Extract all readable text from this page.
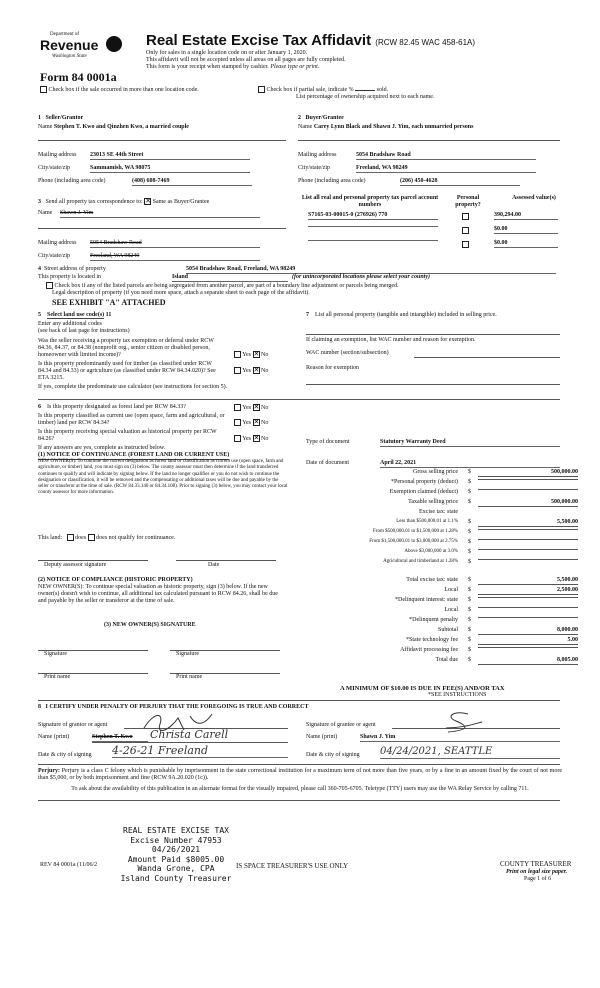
Department of
Revenue
Washington State
Real Estate Excise Tax Affidavit (RCW 82.45 WAC 458-61A)
Only for sales in a single location code on or after January 1, 2020.
This affidavit will not be accepted unless all areas on all pages are fully completed.
This form is your receipt when stamped by cashier. Please type or print.
Form 84 0001a
Check box if the sale occurred in more than one location code.	Check box if partial sale, indicate %	sold.
List percentage of ownership acquired next to each name.
1 Seller/Grantor
Name Stephen T. Kwo and Qinzhen Kwo, a married couple
Mailing address 23013 SE 44th Street
City/state/zip	Sammamish, WA 98075
Phone (including area code)	(408) 608-7469
2 Buyer/Grantee
Name Carey Lynn Black and Shawn J. Yim, each unmarried persons
Mailing address	5054 Bradshaw Road
City/state/zip	Freeland, WA 98249
Phone (including area code)	(206) 450-4628
3 Send all property tax correspondence to: ✕ Same as Buyer/Grantee
Name Shawn J. Yim
Mailing address 5054 Bradshaw Road
City/state/zip	Freeland, WA 98249
List all real and personal property tax parcel account numbers
Personal property?
Assessed value(s)
S7165-03-00015-0 (276926) 770	390,294.00
$0.00
$0.00
4 Street address of property	5054 Bradshaw Road, Freeland, WA 98249
This property is located in	Island	(for unincorporated locations please select your county)
Check box if any of the listed parcels are being segregated from another parcel, are part of a boundary line adjustment or parcels being merged.
Legal description of property (if you need more space, attach a separate sheet to each page of the affidavit).
SEE EXHIBIT "A" ATTACHED
5 Select land use code(s) 11
Enter any additional codes
(see back of last page for instructions)
Was the seller receiving a property tax exemption or deferral under RCW 84.36, 84.37, or 84.38 (nonprofit org., senior citizen or disabled person, homeowner with limited income)?	Yes ✕ No
Is this property predominantly used for timber (as classified under RCW 84.34 and 84.33) or agriculture (as classified under RCW 84.34.020)? See ETA 3215.
Yes ✕ No
If yes, complete the predominate use calculator (see instructions for section 5).
6 Is this property designated as forest land per RCW 84.33?	Yes ✕ No
Is this property classified as current use (open space, farm and agricultural, or timber) land per RCW 84.34?	Yes ✕ No
Is this property receiving special valuation as historical property per RCW 84.26?	Yes ✕ No
If any answers are yes, complete as instructed below.
(1) NOTICE OF CONTINUANCE (FOREST LAND OR CURRENT USE)
NEW OWNER(S): To continue the current designation as forest land or classification as current use (open space, farm and agriculture, or timber) land, you must sign on (3) below. The county assessor must then determine if the land transferred continues to qualify and will indicate by signing below. If the land no longer qualifies or you do not wish to continue the designation or classification, it will be removed and the compensating or additional taxes will be due and payable by the seller or transferor at the time of sale. (RCW 84.33.140 or 84.34.108). Prior to signing (3) below, you may contact your local county assessor for more information.
This land: does does not qualify for continuance.
Deputy assessor signature	Date
(2) NOTICE OF COMPLIANCE (HISTORIC PROPERTY)
NEW OWNER(S): To continue special valuation as historic property, sign (3) below. If the new owner(s) doesn't wish to continue, all additional tax calculated pursuant to RCW 84.26, shall be due and payable by the seller or transferor at the time of sale.
(3) NEW OWNER(S) SIGNATURE
Signature	Signature
Print name	Print name
7 List all personal property (tangible and intangible) included in selling price.
If claiming an exemption, list WAC number and reason for exemption.
WAC number (section/subsection)
Reason for exemption
Type of document	Statutory Warranty Deed
Date of document	April 22, 2021
Gross selling price $	500,000.00
*Personal property (deduct) $
Exemption claimed (deduct) $
Taxable selling price $	500,000.00
Excise tax: state
Less than $500,000.01 at 1.1% $	5,500.00
From $500,000.01 to $1,500,000 at 1.28% $
From $1,500,000.01 to $3,000,000 at 2.75% $
Above $3,000,000 at 3.0% $
Agricultural and timberland at 1.28% $
Total excise tax: state $	5,500.00
Local $	2,500.00
*Delinquent interest: state $
Local $
*Delinquent penalty $
Subtotal $	8,000.00
*State technology fee $	5.00
Affidavit processing fee $
Total due $	8,005.00
A MINIMUM OF $10.00 IS DUE IN FEE(S) AND/OR TAX
*SEE INSTRUCTIONS
8 I CERTIFY UNDER PENALTY OF PERJURY THAT THE FOREGOING IS TRUE AND CORRECT
Signature of grantor or agent
Name (print)	Stephen T. Kwo	Christa Carell
Date & city of signing 4-26-21 Freeland
Signature of grantee or agent
Name (print)	Shawn J. Yim
Date & city of signing 04/24/2021, SEATTLE
Perjury: Perjury is a class C felony which is punishable by imprisonment in the state correctional institution for a maximum term of not more than five years, or by a fine in an amount fixed by the court of not more than $5,000, or by both imprisonment and fine (RCW 9A.20.020 (1c)).
To ask about the availability of this publication in an alternate format for the visually impaired, please call 360-705-6705. Teletype (TTY) users may use the WA Relay Service by calling 711.
REAL ESTATE EXCISE TAX
Excise Number 47953
04/26/2021
Amount Paid $8005.00
Wanda Grone, CPA
Island County Treasurer
REV 84 0001a (11/06/2	IS SPACE TREASURER'S USE ONLY	COUNTY TREASURER
Print on legal size paper.
Page 1 of 6
